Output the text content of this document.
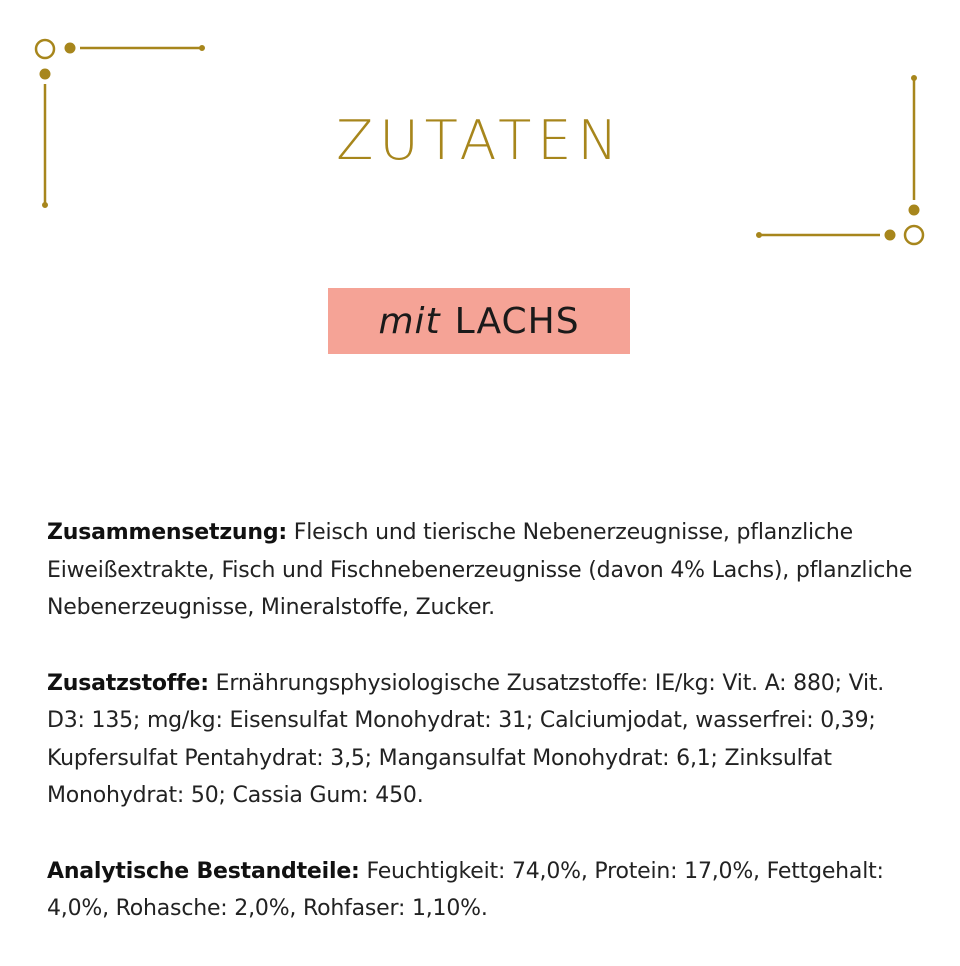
ZUTATEN
mit LACHS

Zusammensetzung: Fleisch und tierische Nebenerzeugnisse, pflanzliche Eiweißextrakte, Fisch und Fischnebenerzeugnisse (davon 4% Lachs), pflanzliche Nebenerzeugnisse, Mineralstoffe, Zucker.

Zusatzstoffe: Ernährungsphysiologische Zusatzstoffe: IE/kg: Vit. A: 880; Vit. D3: 135; mg/kg: Eisensulfat Monohydrat: 31; Calciumjodat, wasserfrei: 0,39; Kupfersulfat Pentahydrat: 3,5; Mangansulfat Monohydrat: 6,1; Zinksulfat Monohydrat: 50; Cassia Gum: 450.

Analytische Bestandteile: Feuchtigkeit: 74,0%, Protein: 17,0%, Fettgehalt: 4,0%, Rohasche: 2,0%, Rohfaser: 1,10%.
